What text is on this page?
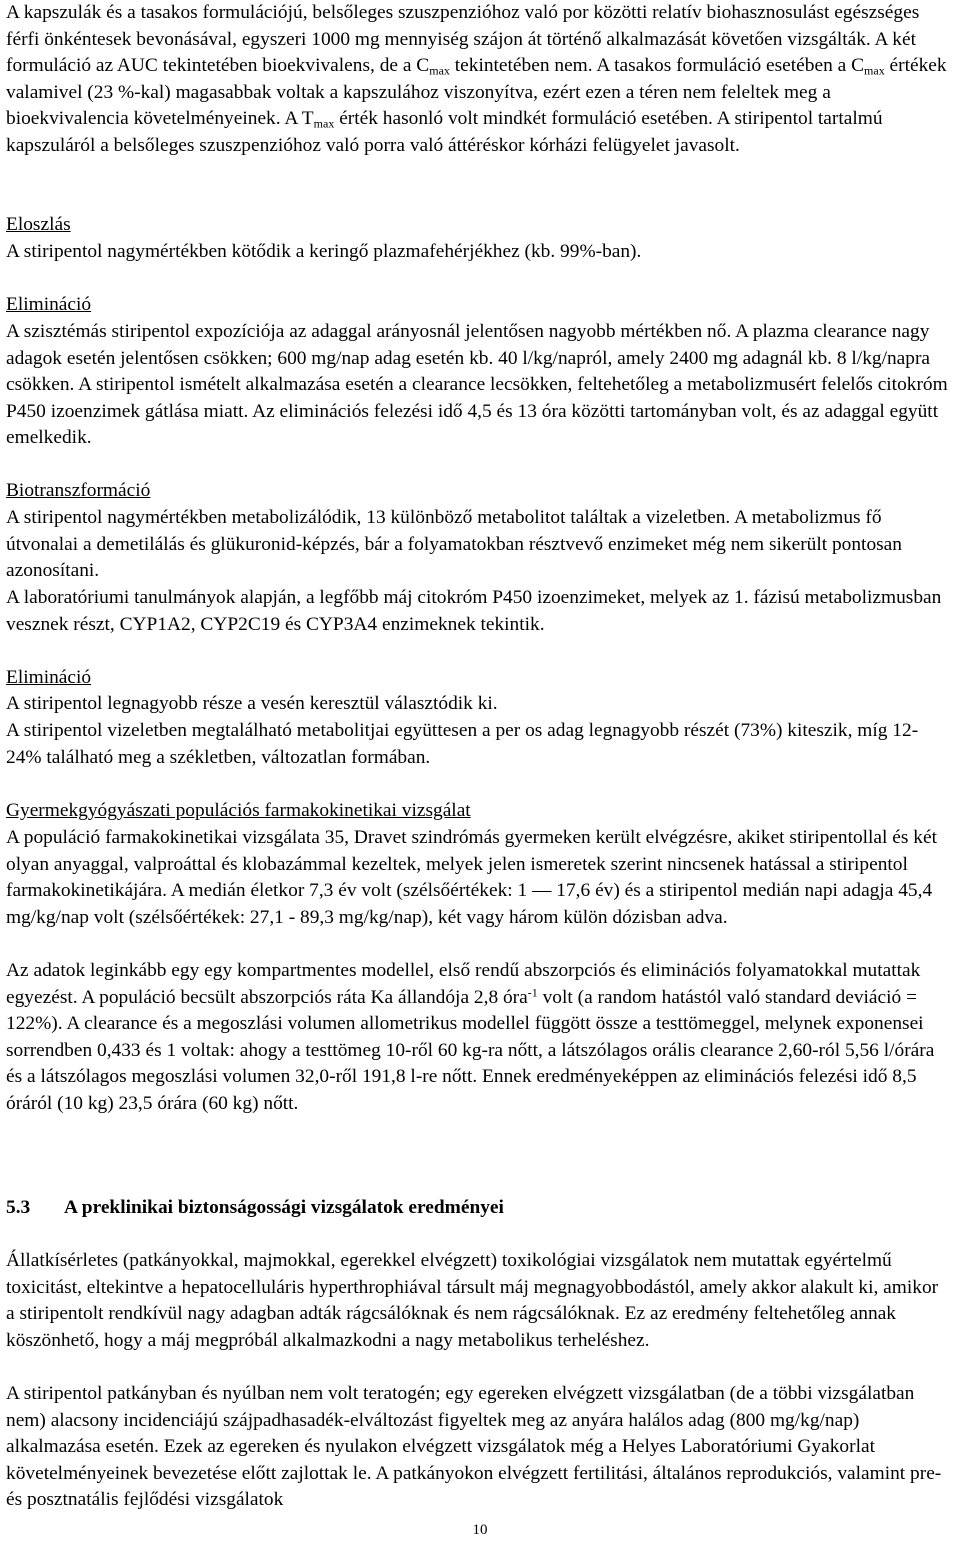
A kapszulák és a tasakos formulációjú, belsőleges szuszpenzióhoz való por közötti relatív biohasznosulást egészséges férfi önkéntesek bevonásával, egyszeri 1000 mg mennyiség szájon át történő alkalmazását követően vizsgálták. A két formuláció az AUC tekintetében bioekvivalens, de a $C_{max}$ tekintetében nem. A tasakos formuláció esetében a $C_{max}$ értékek valamivel (23 %-kal) magasabbak voltak a kapszulához viszonyítva, ezért ezen a téren nem feleltek meg a bioekvivalencia követelményeinek. A $T_{max}$ érték hasonló volt mindkét formuláció esetében. A stiripentol tartalmú kapszuláról a belsőleges szuszpenzióhoz való porra való áttéréskor kórházi felügyelet javasolt.

Eloszlás

A stiripentol nagymértékben kötődik a keringő plazmafehérjékhez (kb. 99%-ban).

Elimináció

A szisztémás stiripentol expozíciója az adaggal arányosnál jelentősen nagyobb mértékben nő. A plazma clearance nagy adagok esetén jelentősen csökken; 600 mg/nap adag esetén kb. 40 l/kg/napról, amely 2400 mg adagnál kb. 8 l/kg/napra csökken. A stiripentol ismételt alkalmazása esetén a clearance lecsökken, feltehetőleg a metabolizmusért felelős citokróm P450 izoenzimek gátlása miatt. Az eliminációs felezési idő 4,5 és 13 óra közötti tartományban volt, és az adaggal együtt emelkedik.

Biotranszformáció

A stiripentol nagymértékben metabolizálódik, 13 különböző metabolitot találtak a vizeletben. A metabolizmus fő útvonalai a demetilálás és glükuronid-képzés, bár a folyamatokban résztvevő enzimeket még nem sikerült pontosan azonosítani.

A laboratóriumi tanulmányok alapján, a legfőbb máj citokróm P450 izoenzimeket, melyek az 1. fázisú metabolizmusban vesznek részt, CYP1A2, CYP2C19 és CYP3A4 enzimeknek tekintik.

Elimináció

A stiripentol legnagyobb része a vesén keresztül választódik ki.

A stiripentol vizeletben megtalálható metabolitjai együttesen a per os adag legnagyobb részét (73%) kiteszik, míg 12-24% található meg a székletben, változatlan formában.

Gyermekgyógyászati populációs farmakokinetikai vizsgálat

A populáció farmakokinetikai vizsgálata 35, Dravet szindrómás gyermeken került elvégzésre, akiket stiripentollal és két olyan anyaggal, valproáttal és klobazámmal kezeltek, melyek jelen ismeretek szerint nincsenek hatással a stiripentol farmakokinetikájára. A medián életkor 7,3 év volt (szélsőértékek: 1 — 17,6 év) és a stiripentol medián napi adagja 45,4 mg/kg/nap volt (szélsőértékek: 27,1 - 89,3 mg/kg/nap), két vagy három külön dózisban adva.

Az adatok leginkább egy egy kompartmentes modellel, első rendű abszorpciós és eliminációs folyamatokkal mutattak egyezést. A populáció becsült abszorpciós ráta Ka állandója 2,8 óra$^{-1}$ volt (a random hatástól való standard deviáció = 122%). A clearance és a megoszlási volumen allometrikus modellel függött össze a testtömeggel, melynek exponensei sorrendben 0,433 és 1 voltak: ahogy a testtömeg 10-ről 60 kg-ra nőtt, a látszólagos orális clearance 2,60-ról 5,56 l/órára és a látszólagos megoszlási volumen 32,0-ről 191,8 l-re nőtt. Ennek eredményeképpen az eliminációs felezési idő 8,5 óráról (10 kg) 23,5 órára (60 kg) nőtt.

5.3 A preklinikai biztonságossági vizsgálatok eredményei

Állatkísérletes (patkányokkal, majmokkal, egerekkel elvégzett) toxikológiai vizsgálatok nem mutattak egyértelmű toxicitást, eltekintve a hepatocelluláris hyperthrophiával társult máj megnagyobbodástól, amely akkor alakult ki, amikor a stiripentolt rendkívül nagy adagban adták rágcsálóknak és nem rágcsálóknak. Ez az eredmény feltehetőleg annak köszönhető, hogy a máj megpróbál alkalmazkodni a nagy metabolikus terheléshez.

A stiripentol patkányban és nyúlban nem volt teratogén; egy egereken elvégzett vizsgálatban (de a többi vizsgálatban nem) alacsony incidenciájú szájpadhasadék-elváltozást figyeltek meg az anyára halálos adag (800 mg/kg/nap) alkalmazása esetén. Ezek az egereken és nyulakon elvégzett vizsgálatok még a Helyes Laboratóriumi Gyakorlat követelményeinek bevezetése előtt zajlottak le. A patkányokon elvégzett fertilitási, általános reprodukciós, valamint pre- és posztnatális fejlődési vizsgálatok

10
